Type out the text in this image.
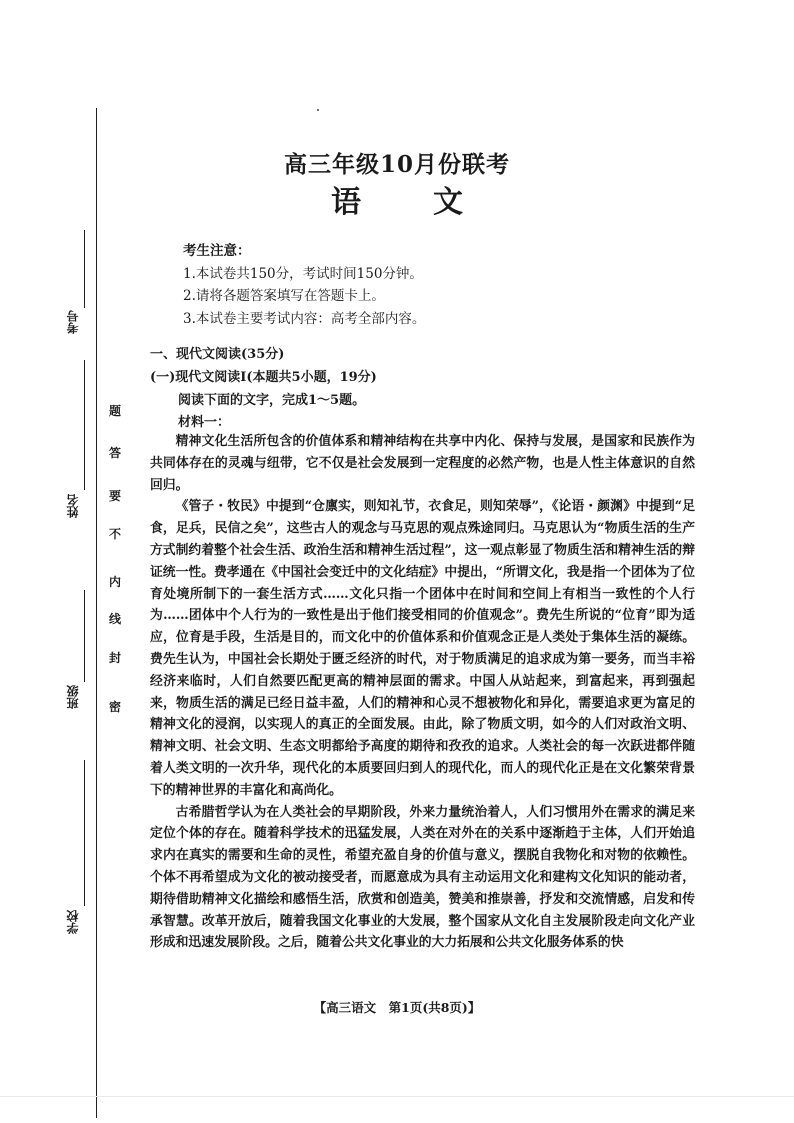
考号
姓名
班级
学校
密
封
线
内
不
要
答
题
高三年级10月份联考
语文
考生注意：
1.本试卷共150分，考试时间150分钟。
2.请将各题答案填写在答题卡上。
3.本试卷主要考试内容：高考全部内容。
一、现代文阅读(35分)
(一)现代文阅读Ⅰ(本题共5小题，19分)
阅读下面的文字，完成1～5题。
材料一：

精神文化生活所包含的价值体系和精神结构在共享中内化、保持与发展，是国家和民族作为共同体存在的灵魂与纽带，它不仅是社会发展到一定程度的必然产物，也是人性主体意识的自然回归。

《管子・牧民》中提到“仓廪实，则知礼节，衣食足，则知荣辱”，《论语・颜渊》中提到“足食，足兵，民信之矣”，这些古人的观念与马克思的观点殊途同归。马克思认为“物质生活的生产方式制约着整个社会生活、政治生活和精神生活过程”，这一观点彰显了物质生活和精神生活的辩证统一性。费孝通在《中国社会变迁中的文化结症》中提出，“所谓文化，我是指一个团体为了位育处境所制下的一套生活方式……文化只指一个团体中在时间和空间上有相当一致性的个人行为……团体中个人行为的一致性是出于他们接受相同的价值观念”。费先生所说的“位育”即为适应，位育是手段，生活是目的，而文化中的价值体系和价值观念正是人类处于集体生活的凝练。费先生认为，中国社会长期处于匮乏经济的时代，对于物质满足的追求成为第一要务，而当丰裕经济来临时，人们自然要匹配更高的精神层面的需求。中国人从站起来，到富起来，再到强起来，物质生活的满足已经日益丰盈，人们的精神和心灵不想被物化和异化，需要追求更为富足的精神文化的浸润，以实现人的真正的全面发展。由此，除了物质文明，如今的人们对政治文明、精神文明、社会文明、生态文明都给予高度的期待和孜孜的追求。人类社会的每一次跃进都伴随着人类文明的一次升华，现代化的本质要回归到人的现代化，而人的现代化正是在文化繁荣背景下的精神世界的丰富化和高尚化。

古希腊哲学认为在人类社会的早期阶段，外来力量统治着人，人们习惯用外在需求的满足来定位个体的存在。随着科学技术的迅猛发展，人类在对外在的关系中逐渐趋于主体，人们开始追求内在真实的需要和生命的灵性，希望充盈自身的价值与意义，摆脱自我物化和对物的依赖性。个体不再希望成为文化的被动接受者，而愿意成为具有主动运用文化和建构文化知识的能动者，期待借助精神文化描绘和感悟生活，欣赏和创造美，赞美和推崇善，抒发和交流情感，启发和传承智慧。改革开放后，随着我国文化事业的大发展，整个国家从文化自主发展阶段走向文化产业形成和迅速发展阶段。之后，随着公共文化事业的大力拓展和公共文化服务体系的快

【高三语文　第1页(共8页)】
